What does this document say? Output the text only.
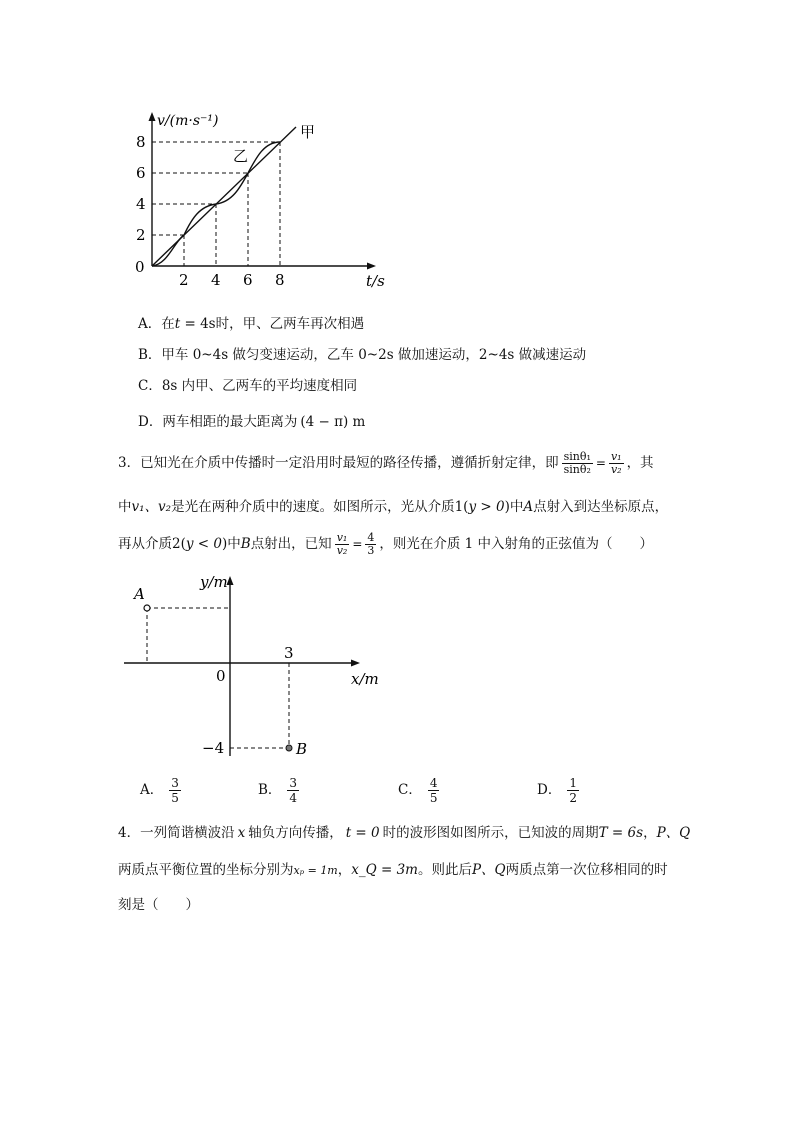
v/(m·s⁻¹)
甲
乙
8
6
4
2
0
2 4 6 8	t/s
A．在t = 4s时，甲、乙两车再次相遇
B．甲车 0~4s 做匀变速运动，乙车 0~2s 做加速运动，2~4s 做减速运动
C．8s 内甲、乙两车的平均速度相同
D．两车相距的最大距离为 (4 − π) m
3．已知光在介质中传播时一定沿用时最短的路径传播，遵循折射定律，即 $\frac{\text{sinθ₁}}{\text{sinθ₂}} = \frac{\text{v₁}}{\text{v₂}}$ ，其
中v₁、v₂是光在两种介质中的速度。如图所示，光从介质1(y > 0)中A点射入到达坐标原点，
再从介质2(y < 0)中B点射出，已知 $\frac{\text{v₁}}{\text{v₂}} = \frac{4}{3}$ ，则光在介质 1 中入射角的正弦值为（　　）
y/m
x/m
A
B
0
3
−4
A． $\frac{3}{5}$	B． $\frac{3}{4}$	C． $\frac{4}{5}$	D． $\frac{1}{2}$
4．一列简谐横波沿 x 轴负方向传播， t = 0 时的波形图如图所示，已知波的周期T = 6s，P、Q
两质点平衡位置的坐标分别为xₚ = 1m，x_Q = 3m。则此后P、Q两质点第一次位移相同的时
刻是（　　）
